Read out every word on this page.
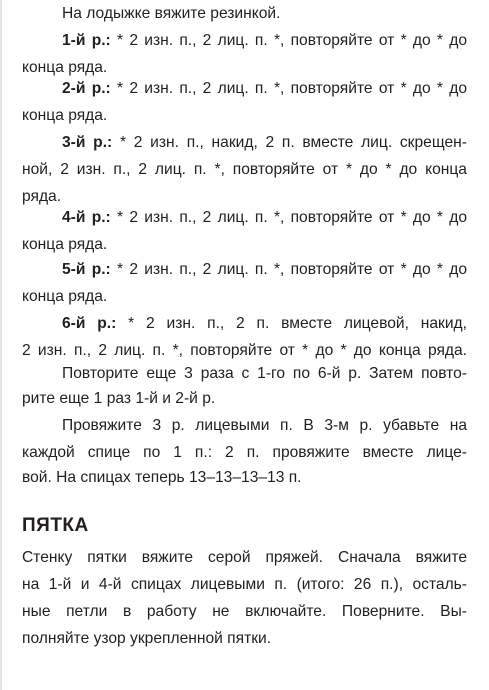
На лодыжке вяжите резинкой.
1-й р.: * 2 изн. п., 2 лиц. п. *, повторяйте от * до * до
конца ряда.
2-й р.: * 2 изн. п., 2 лиц. п. *, повторяйте от * до * до
конца ряда.
3-й р.: * 2 изн. п., накид, 2 п. вместе лиц. скрещен-
ной, 2 изн. п., 2 лиц. п. *, повторяйте от * до * до конца
ряда.
4-й р.: * 2 изн. п., 2 лиц. п. *, повторяйте от * до * до
конца ряда.
5-й р.: * 2 изн. п., 2 лиц. п. *, повторяйте от * до * до
конца ряда.
6-й р.: * 2 изн. п., 2 п. вместе лицевой, накид,
2 изн. п., 2 лиц. п. *, повторяйте от * до * до конца ряда.
Повторите еще 3 раза с 1-го по 6-й р. Затем повто-
рите еще 1 раз 1-й и 2-й р.
Провяжите 3 р. лицевыми п. В 3-м р. убавьте на
каждой спице по 1 п.: 2 п. провяжите вместе лице-
вой. На спицах теперь 13–13–13–13 п.
ПЯТКА
Стенку пятки вяжите серой пряжей. Сначала вяжите
на 1-й и 4-й спицах лицевыми п. (итого: 26 п.), осталь-
ные петли в работу не включайте. Поверните. Вы-
полняйте узор укрепленной пятки.
